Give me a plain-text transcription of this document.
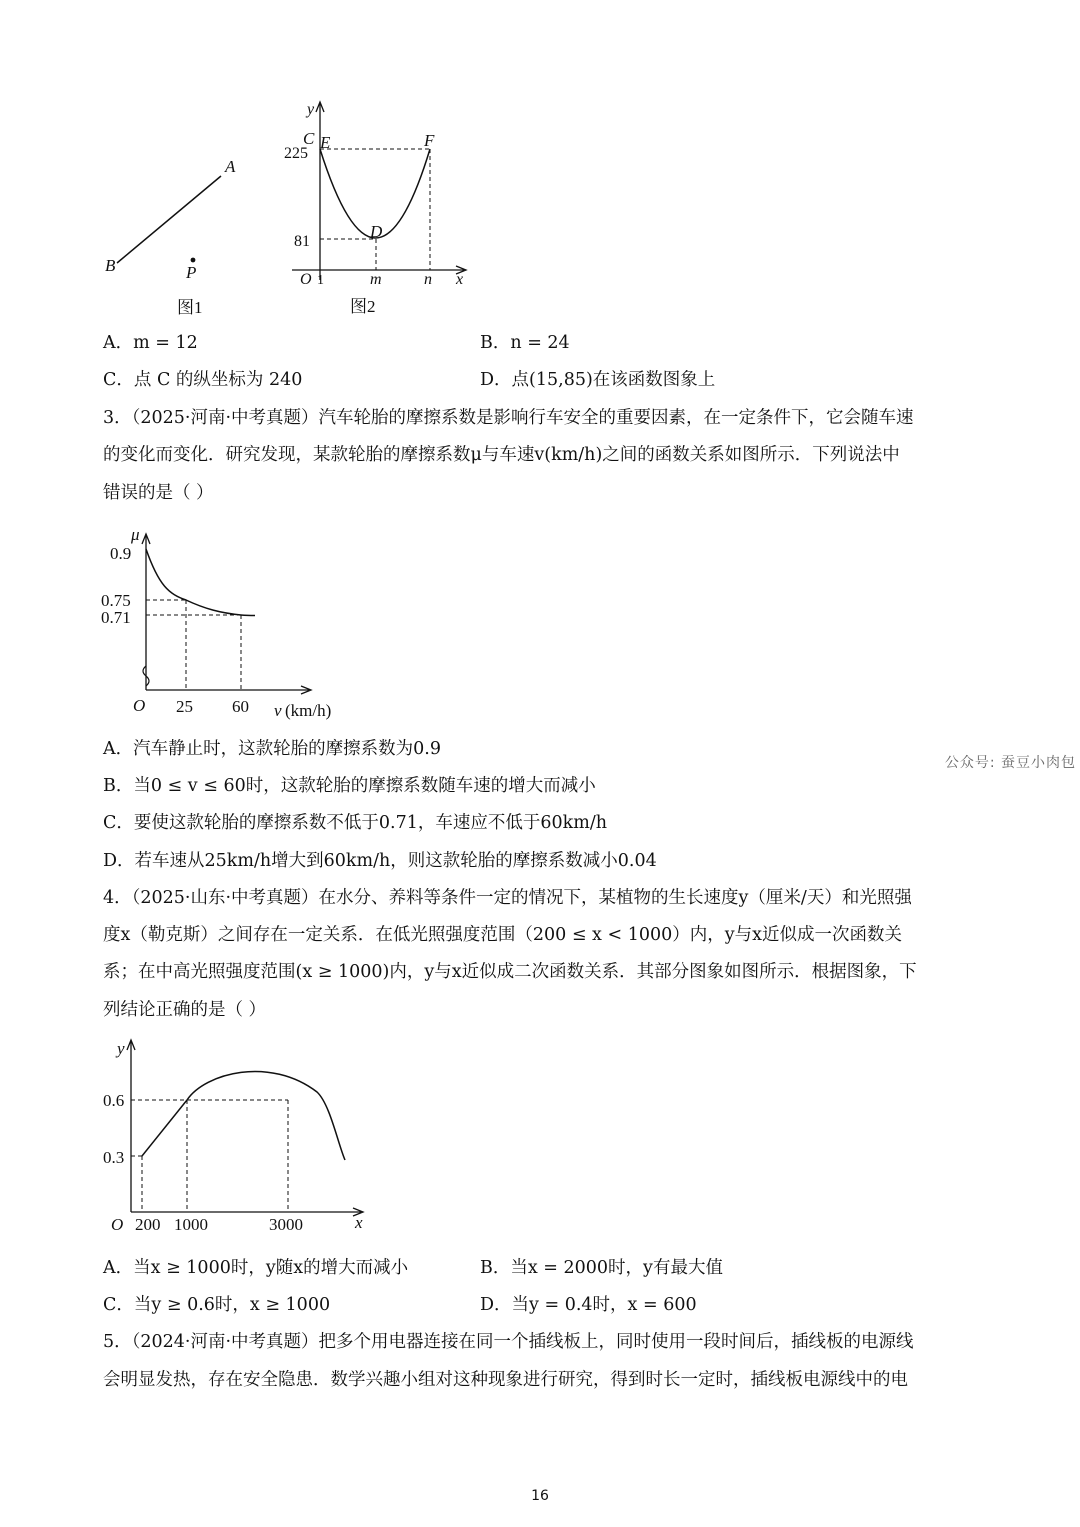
A
B	P
图1
y
x
O
225
81
1	m	n
C E	F
D
图2
A．m = 12	B．n = 24
C．点 C 的纵坐标为 240	D．点(15,85)在该函数图象上
3．（2025·河南·中考真题）汽车轮胎的摩擦系数是影响行车安全的重要因素，在一定条件下，它会随车速
的变化而变化．研究发现，某款轮胎的摩擦系数μ与车速v(km/h)之间的函数关系如图所示．下列说法中
错误的是（ ）
μ
0.9
0.75
0.71
O 25 60 v (km/h)
A．汽车静止时，这款轮胎的摩擦系数为0.9
B．当0 ≤ v ≤ 60时，这款轮胎的摩擦系数随车速的增大而减小
C．要使这款轮胎的摩擦系数不低于0.71，车速应不低于60km/h
D．若车速从25km/h增大到60km/h，则这款轮胎的摩擦系数减小0.04
公众号: 蚕豆小肉包
4．（2025·山东·中考真题）在水分、养料等条件一定的情况下，某植物的生长速度y（厘米/天）和光照强
度x（勒克斯）之间存在一定关系．在低光照强度范围（200 ≤ x < 1000）内，y与x近似成一次函数关
系；在中高光照强度范围(x ≥ 1000)内，y与x近似成二次函数关系．其部分图象如图所示．根据图象，下
列结论正确的是（ ）
y
0.6
0.3
O 200 1000	3000	x
A．当x ≥ 1000时，y随x的增大而减小	B．当x = 2000时，y有最大值
C．当y ≥ 0.6时，x ≥ 1000	D．当y = 0.4时，x = 600
5．（2024·河南·中考真题）把多个用电器连接在同一个插线板上，同时使用一段时间后，插线板的电源线
会明显发热，存在安全隐患．数学兴趣小组对这种现象进行研究，得到时长一定时，插线板电源线中的电
16
